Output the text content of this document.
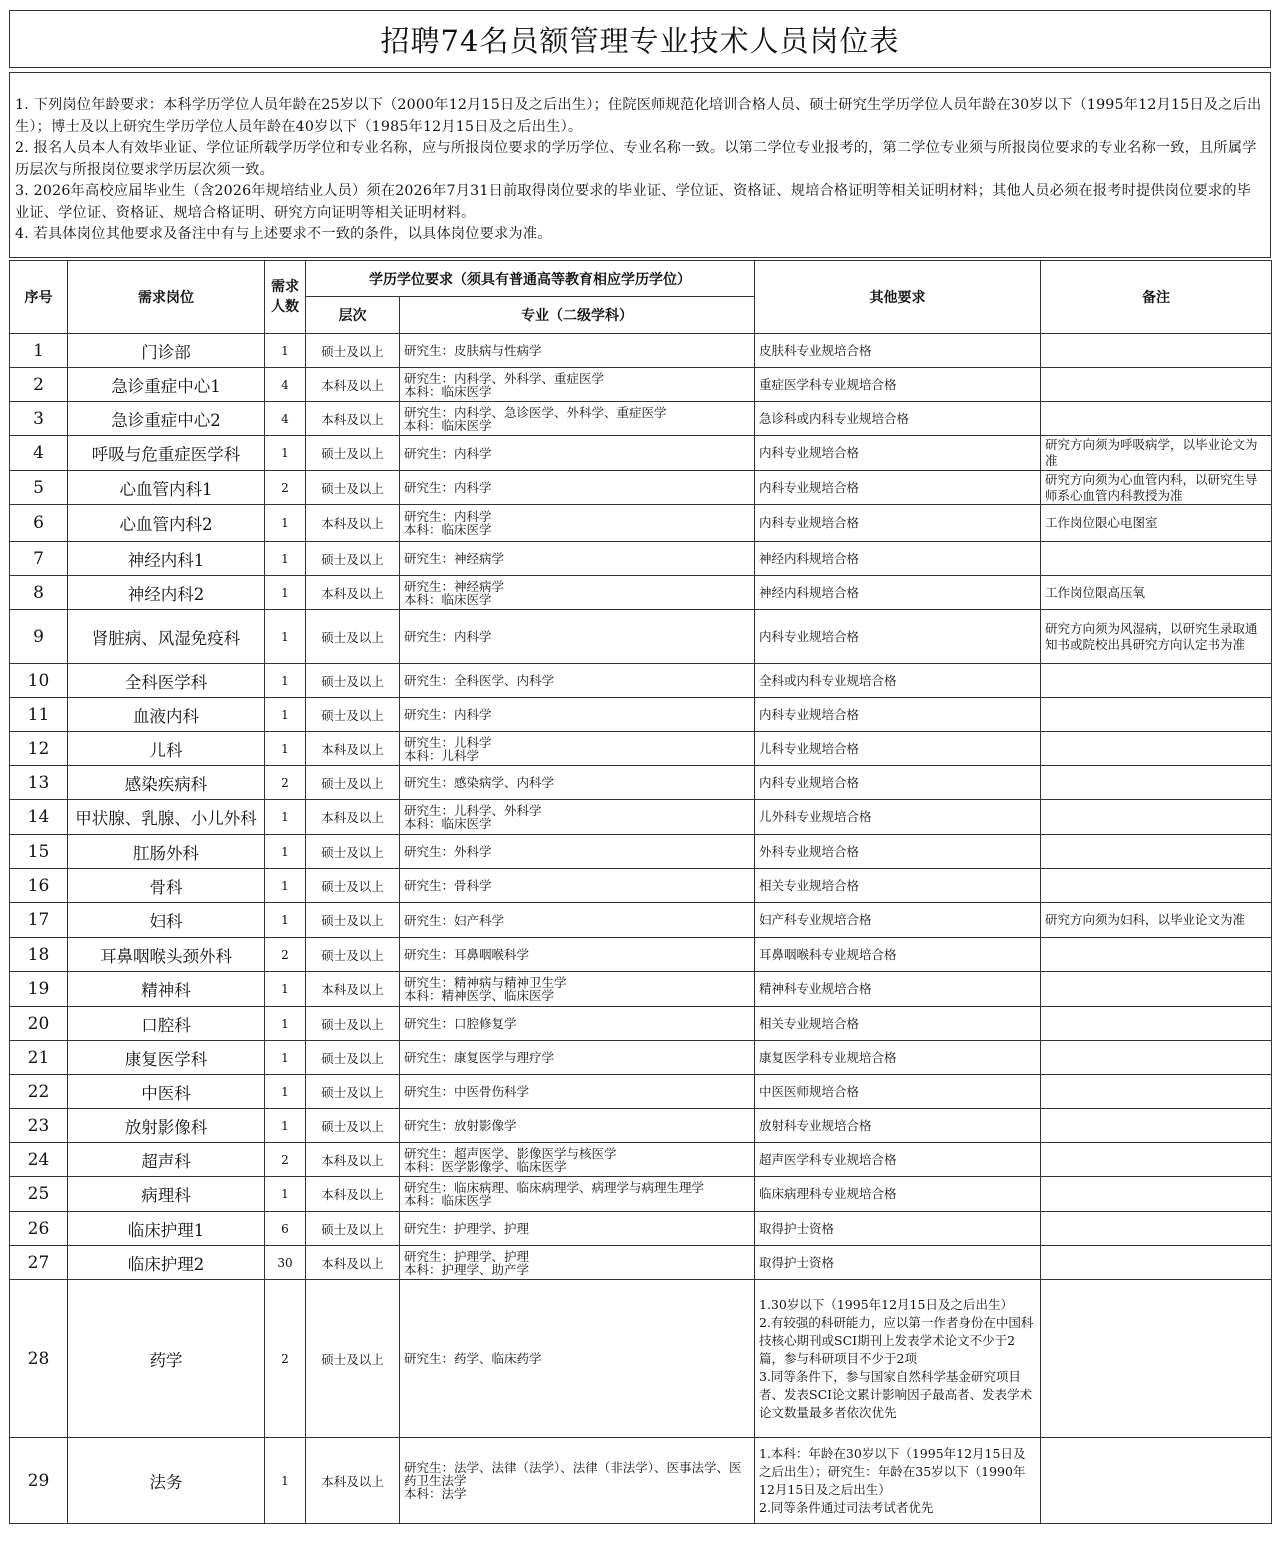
招聘74名员额管理专业技术人员岗位表
1. 下列岗位年龄要求：本科学历学位人员年龄在25岁以下（2000年12月15日及之后出生）；住院医师规范化培训合格人员、硕士研究生学历学位人员年龄在30岁以下（1995年12月15日及之后出生）；博士及以上研究生学历学位人员年龄在40岁以下（1985年12月15日及之后出生）。
2. 报名人员本人有效毕业证、学位证所载学历学位和专业名称，应与所报岗位要求的学历学位、专业名称一致。以第二学位专业报考的，第二学位专业须与所报岗位要求的专业名称一致，且所属学历层次与所报岗位要求学历层次须一致。
3. 2026年高校应届毕业生（含2026年规培结业人员）须在2026年7月31日前取得岗位要求的毕业证、学位证、资格证、规培合格证明等相关证明材料；其他人员必须在报考时提供岗位要求的毕业证、学位证、资格证、规培合格证明、研究方向证明等相关证明材料。
4. 若具体岗位其他要求及备注中有与上述要求不一致的条件，以具体岗位要求为准。
序号	需求岗位	需求人数	学历学位要求（须具有普通高等教育相应学历学位）		其他要求	备注
			层次	专业（二级学科）		
1	门诊部	1	硕士及以上	研究生：皮肤病与性病学	皮肤科专业规培合格	

2	急诊重症中心1	4	本科及以上	研究生：内科学、外科学、重症医学
本科：临床医学	重症医学科专业规培合格	

3	急诊重症中心2	4	本科及以上	研究生：内科学、急诊医学、外科学、重症医学
本科：临床医学	急诊科或内科专业规培合格	

4	呼吸与危重症医学科	1	硕士及以上	研究生：内科学	内科专业规培合格	研究方向须为呼吸病学，以毕业论文为准
5	心血管内科1	2	硕士及以上	研究生：内科学	内科专业规培合格	研究方向须为心血管内科，以研究生导师系心血管内科教授为准
6	心血管内科2	1	本科及以上	研究生：内科学
本科：临床医学	内科专业规培合格	工作岗位限心电图室
7	神经内科1	1	硕士及以上	研究生：神经病学	神经内科规培合格	

8	神经内科2	1	本科及以上	研究生：神经病学
本科：临床医学	神经内科规培合格	工作岗位限高压氧
9	肾脏病、风湿免疫科	1	硕士及以上	研究生：内科学	内科专业规培合格	研究方向须为风湿病，以研究生录取通知书或院校出具研究方向认定书为准
10	全科医学科	1	硕士及以上	研究生：全科医学、内科学	全科或内科专业规培合格	

11	血液内科	1	硕士及以上	研究生：内科学	内科专业规培合格	

12	儿科	1	本科及以上	研究生：儿科学
本科：儿科学	儿科专业规培合格	

13	感染疾病科	2	硕士及以上	研究生：感染病学、内科学	内科专业规培合格	

14	甲状腺、乳腺、小儿外科	1	本科及以上	研究生：儿科学、外科学
本科：临床医学	儿外科专业规培合格	

15	肛肠外科	1	硕士及以上	研究生：外科学	外科专业规培合格	

16	骨科	1	硕士及以上	研究生：骨科学	相关专业规培合格	

17	妇科	1	硕士及以上	研究生：妇产科学	妇产科专业规培合格	研究方向须为妇科，以毕业论文为准
18	耳鼻咽喉头颈外科	2	硕士及以上	研究生：耳鼻咽喉科学	耳鼻咽喉科专业规培合格	

19	精神科	1	本科及以上	研究生：精神病与精神卫生学
本科：精神医学、临床医学	精神科专业规培合格	

20	口腔科	1	硕士及以上	研究生：口腔修复学	相关专业规培合格	

21	康复医学科	1	硕士及以上	研究生：康复医学与理疗学	康复医学科专业规培合格	

22	中医科	1	硕士及以上	研究生：中医骨伤科学	中医医师规培合格	

23	放射影像科	1	硕士及以上	研究生：放射影像学	放射科专业规培合格	

24	超声科	2	本科及以上	研究生：超声医学、影像医学与核医学
本科：医学影像学、临床医学	超声医学科专业规培合格	

25	病理科	1	本科及以上	研究生：临床病理、临床病理学、病理学与病理生理学
本科：临床医学	临床病理科专业规培合格	

26	临床护理1	6	硕士及以上	研究生：护理学、护理	取得护士资格	

27	临床护理2	30	本科及以上	研究生：护理学、护理
本科：护理学、助产学	取得护士资格	

28	药学	2	硕士及以上	研究生：药学、临床药学	1.30岁以下（1995年12月15日及之后出生）
2.有较强的科研能力，应以第一作者身份在中国科技核心期刊或SCI期刊上发表学术论文不少于2篇，参与科研项目不少于2项
3.同等条件下，参与国家自然科学基金研究项目者、发表SCI论文累计影响因子最高者、发表学术论文数量最多者依次优先	

29	法务	1	本科及以上	研究生：法学、法律（法学）、法律（非法学）、医事法学、医药卫生法学
本科：法学	1.本科：年龄在30岁以下（1995年12月15日及之后出生）；研究生：年龄在35岁以下（1990年12月15日及之后出生）
2.同等条件通过司法考试者优先	
